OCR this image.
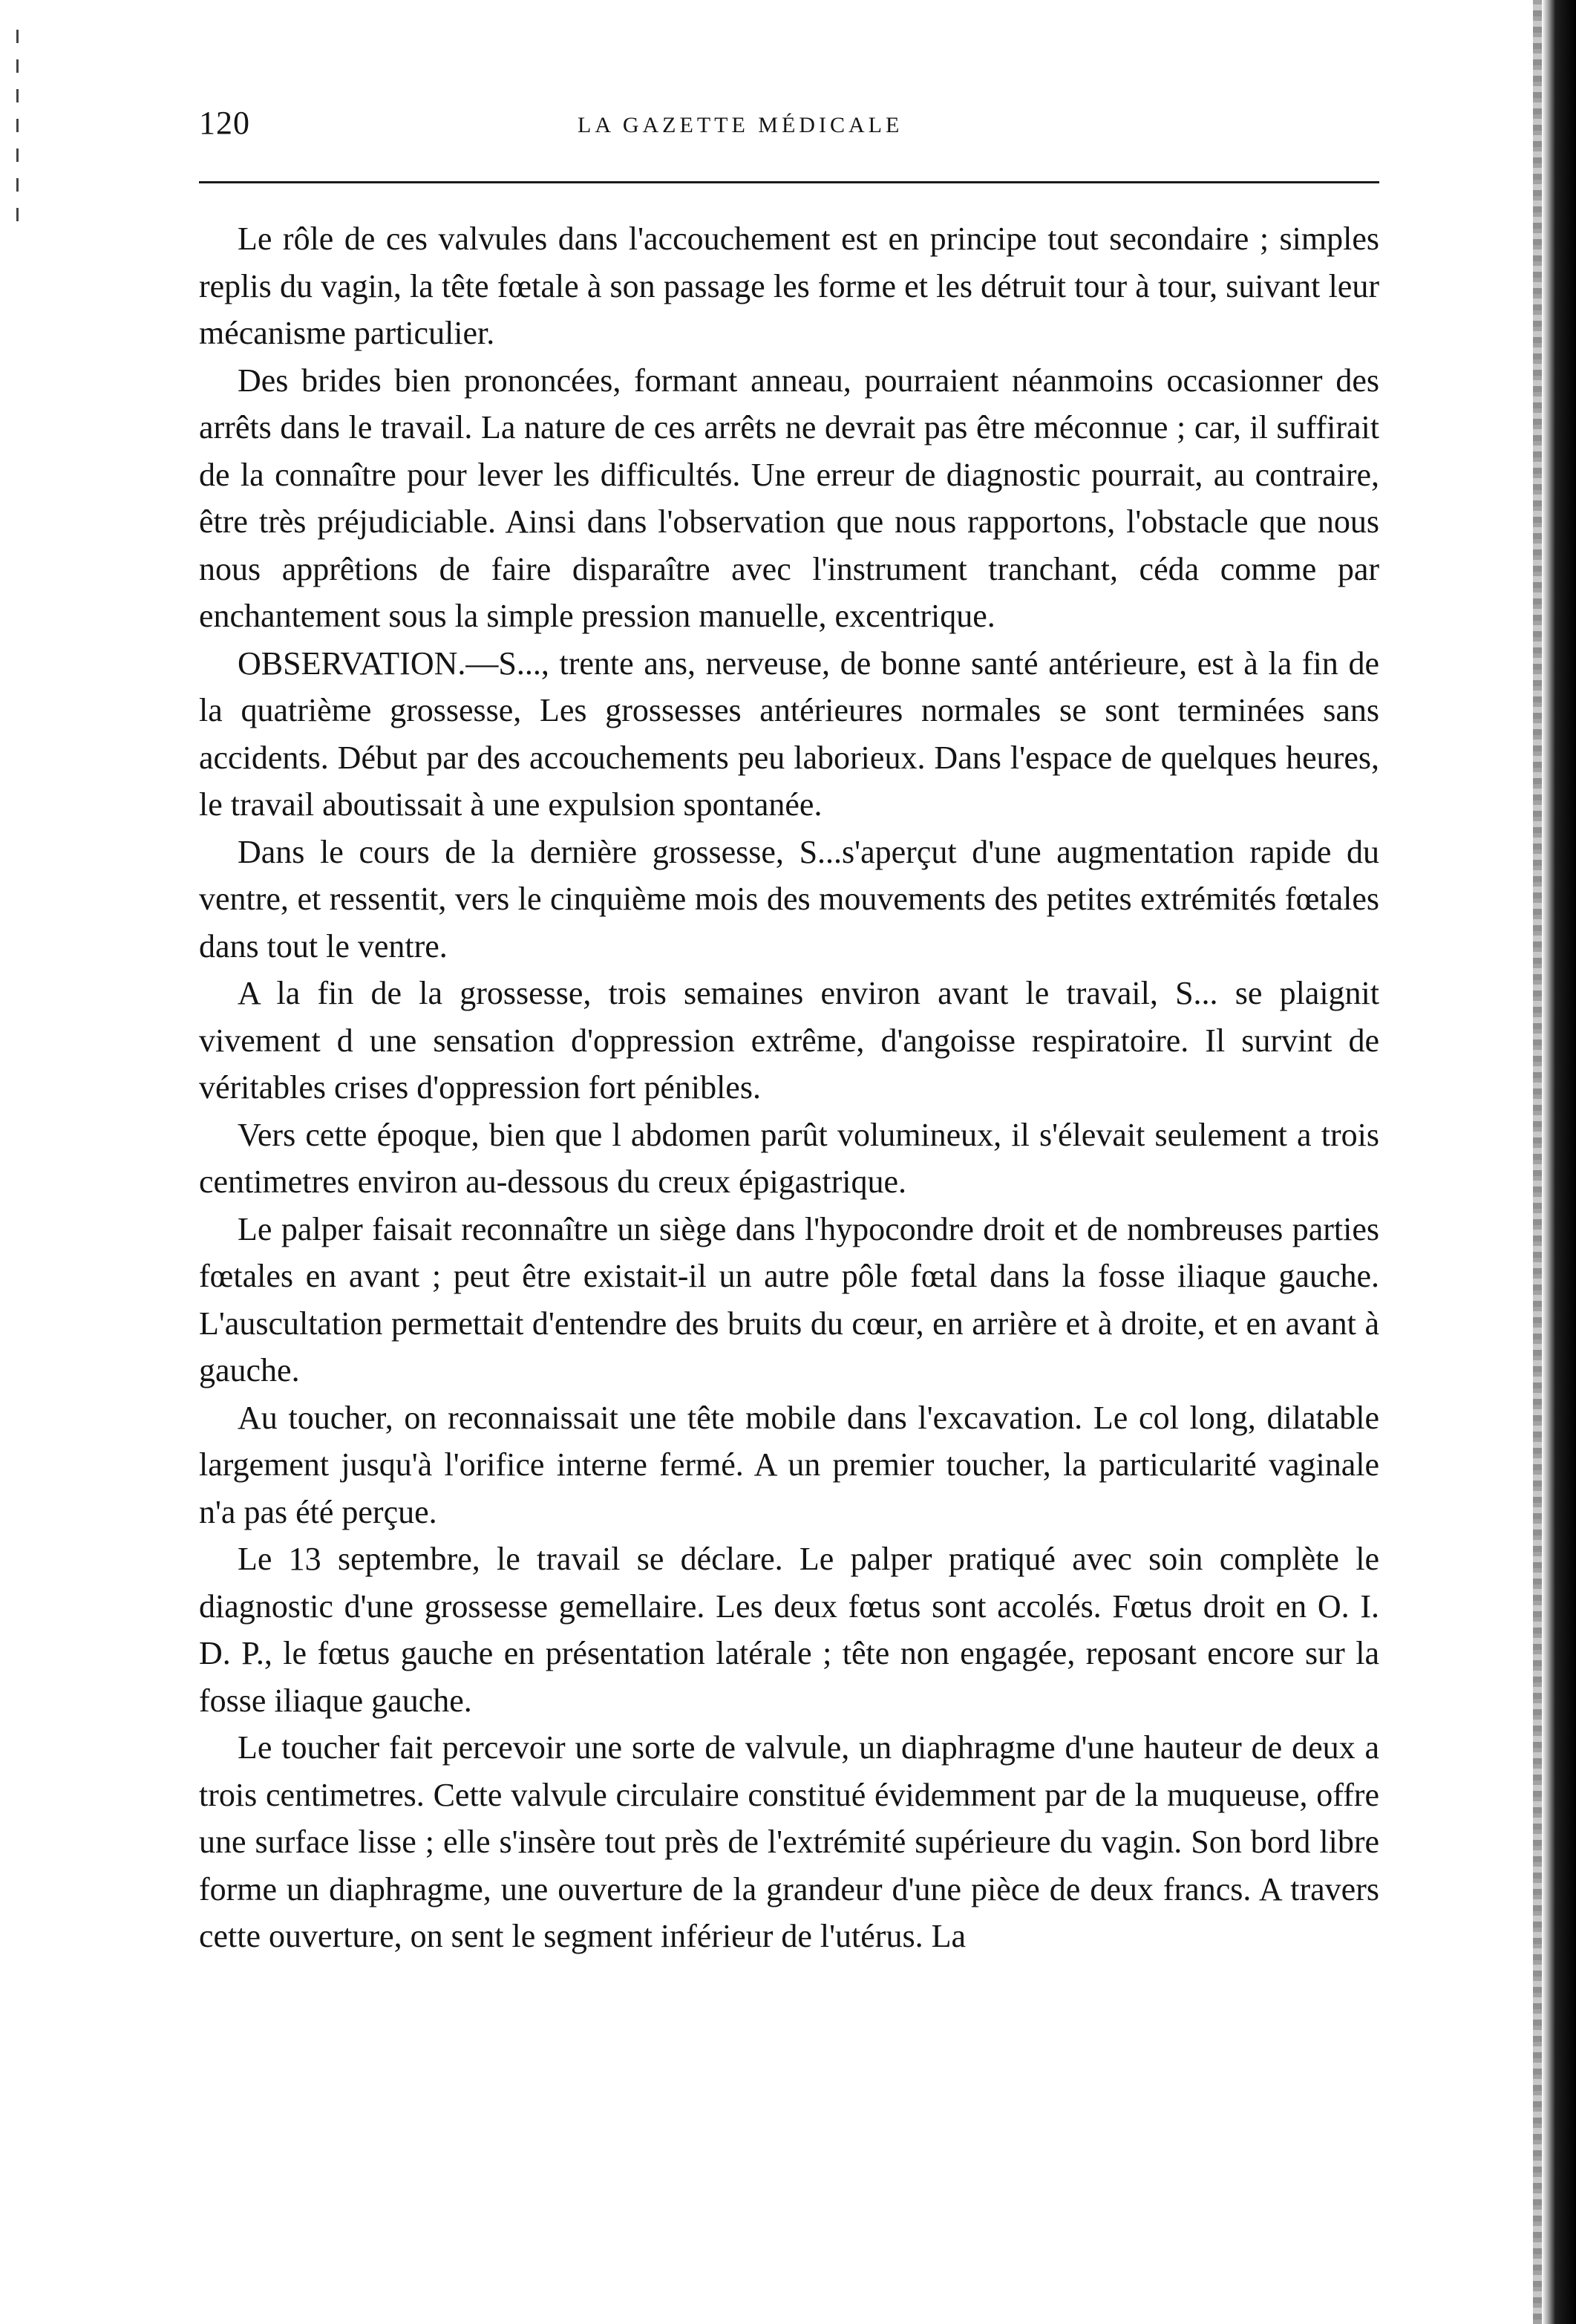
120	LA GAZETTE MÉDICALE

Le rôle de ces valvules dans l'accouchement est en principe tout secondaire ; simples replis du vagin, la tête fœtale à son passage les forme et les détruit tour à tour, suivant leur mécanisme particulier.

Des brides bien prononcées, formant anneau, pourraient néanmoins occasionner des arrêts dans le travail. La nature de ces arrêts ne devrait pas être méconnue ; car, il suffirait de la connaître pour lever les difficultés. Une erreur de diagnostic pourrait, au contraire, être très préjudiciable. Ainsi dans l'observation que nous rapportons, l'obstacle que nous nous apprêtions de faire disparaître avec l'instrument tranchant, céda comme par enchantement sous la simple pression manuelle, excentrique.

OBSERVATION.—S..., trente ans, nerveuse, de bonne santé antérieure, est à la fin de la quatrième grossesse, Les grossesses antérieures normales se sont terminées sans accidents. Début par des accouchements peu laborieux. Dans l'espace de quelques heures, le travail aboutissait à une expulsion spontanée.

Dans le cours de la dernière grossesse, S...s'aperçut d'une augmentation rapide du ventre, et ressentit, vers le cinquième mois des mouvements des petites extrémités fœtales dans tout le ventre.

A la fin de la grossesse, trois semaines environ avant le travail, S... se plaignit vivement d une sensation d'oppression extrême, d'angoisse respiratoire. Il survint de véritables crises d'oppression fort pénibles.

Vers cette époque, bien que l abdomen parût volumineux, il s'élevait seulement a trois centimetres environ au-dessous du creux épigastrique.

Le palper faisait reconnaître un siège dans l'hypocondre droit et de nombreuses parties fœtales en avant ; peut être existait-il un autre pôle fœtal dans la fosse iliaque gauche. L'auscultation permettait d'entendre des bruits du cœur, en arrière et à droite, et en avant à gauche.

Au toucher, on reconnaissait une tête mobile dans l'excavation. Le col long, dilatable largement jusqu'à l'orifice interne fermé. A un premier toucher, la particularité vaginale n'a pas été perçue.

Le 13 septembre, le travail se déclare. Le palper pratiqué avec soin complète le diagnostic d'une grossesse gemellaire. Les deux fœtus sont accolés. Fœtus droit en O. I. D. P., le fœtus gauche en présentation latérale ; tête non engagée, reposant encore sur la fosse iliaque gauche.

Le toucher fait percevoir une sorte de valvule, un diaphragme d'une hauteur de deux a trois centimetres. Cette valvule circulaire constitué évidemment par de la muqueuse, offre une surface lisse ; elle s'insère tout près de l'extrémité supérieure du vagin. Son bord libre forme un diaphragme, une ouverture de la grandeur d'une pièce de deux francs. A travers cette ouverture, on sent le segment inférieur de l'utérus. La
